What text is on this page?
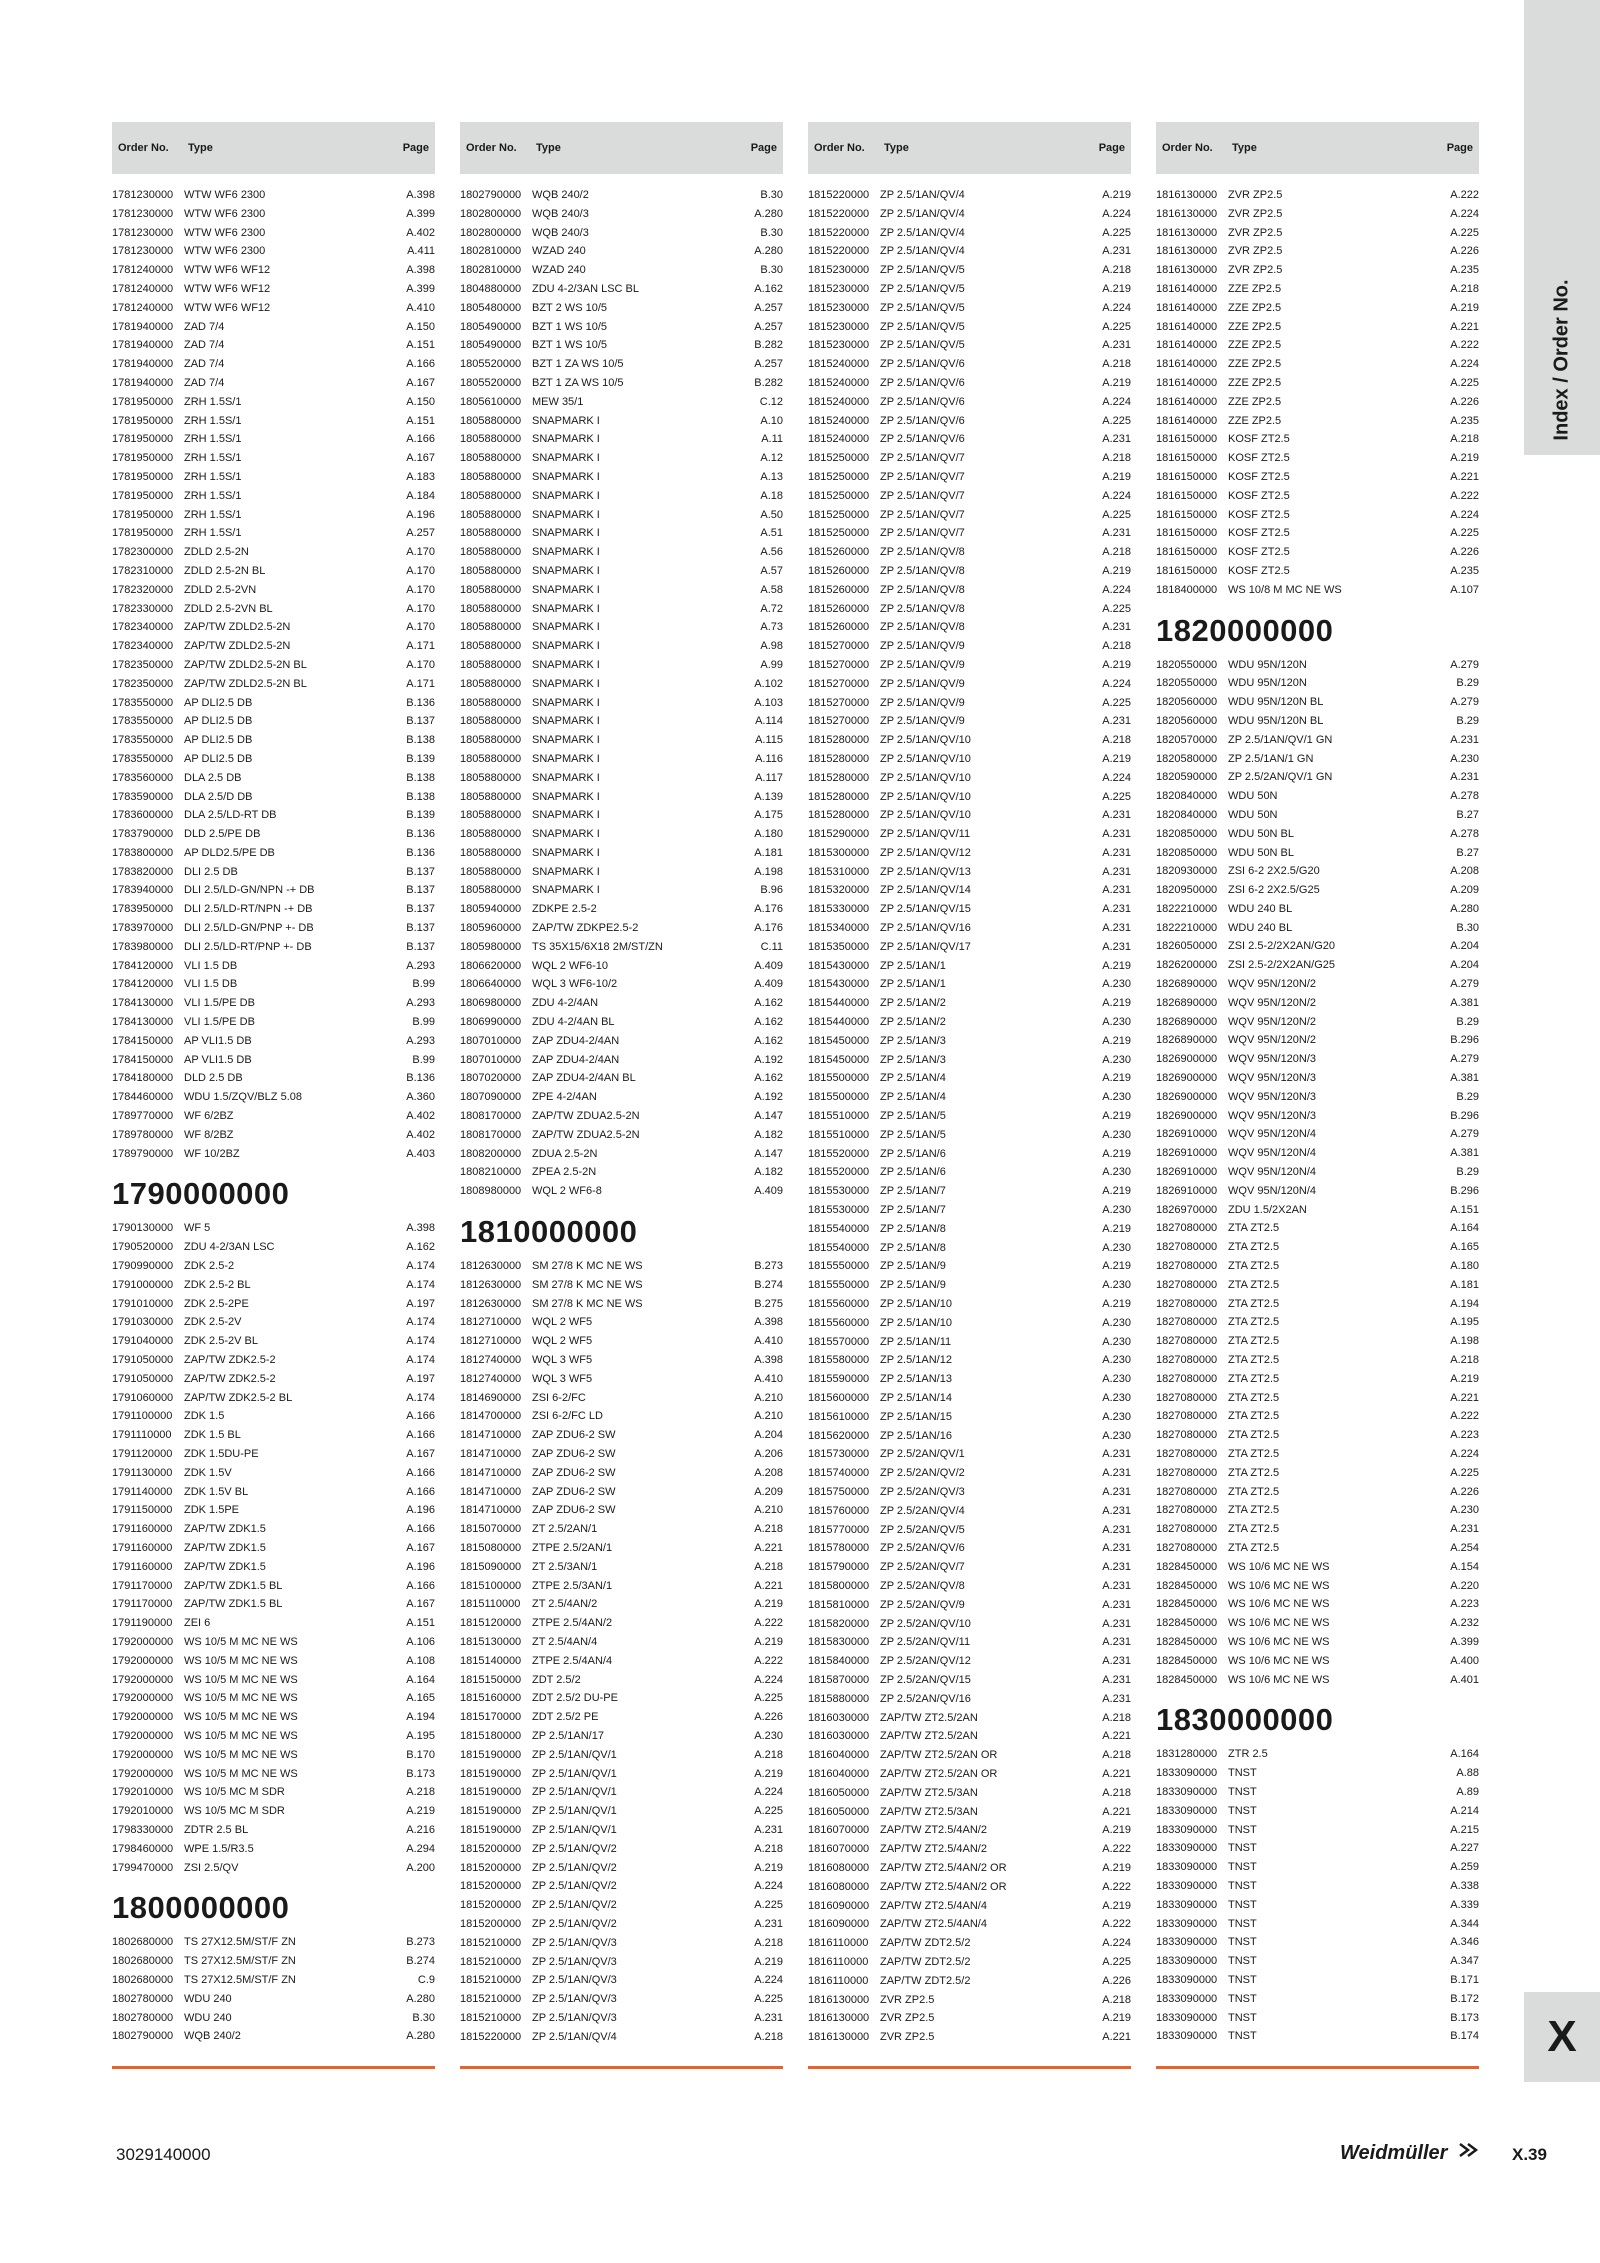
Order No.	Type	Page
1781230000 WTW WF6 2300	A.398
1781230000 WTW WF6 2300	A.399
1781230000 WTW WF6 2300	A.402
1781230000 WTW WF6 2300	A.411
1781240000 WTW WF6 WF12	A.398
1781240000 WTW WF6 WF12	A.399
1781240000 WTW WF6 WF12	A.410
1781940000 ZAD 7/4	A.150
1781940000 ZAD 7/4	A.151
1781940000 ZAD 7/4	A.166
1781940000 ZAD 7/4	A.167
1781950000 ZRH 1.5S/1	A.150
1781950000 ZRH 1.5S/1	A.151
1781950000 ZRH 1.5S/1	A.166
1781950000 ZRH 1.5S/1	A.167
1781950000 ZRH 1.5S/1	A.183
1781950000 ZRH 1.5S/1	A.184
1781950000 ZRH 1.5S/1	A.196
1781950000 ZRH 1.5S/1	A.257
1782300000 ZDLD 2.5-2N	A.170
1782310000 ZDLD 2.5-2N BL	A.170
1782320000 ZDLD 2.5-2VN	A.170
1782330000 ZDLD 2.5-2VN BL	A.170
1782340000 ZAP/TW ZDLD2.5-2N	A.170
1782340000 ZAP/TW ZDLD2.5-2N	A.171
1782350000 ZAP/TW ZDLD2.5-2N BL	A.170
1782350000 ZAP/TW ZDLD2.5-2N BL	A.171
1783550000 AP DLI2.5 DB	B.136
1783550000 AP DLI2.5 DB	B.137
1783550000 AP DLI2.5 DB	B.138
1783550000 AP DLI2.5 DB	B.139
1783560000 DLA 2.5 DB	B.138
1783590000 DLA 2.5/D DB	B.138
1783600000 DLA 2.5/LD-RT DB	B.139
1783790000 DLD 2.5/PE DB	B.136
1783800000 AP DLD2.5/PE DB	B.136
1783820000 DLI 2.5 DB	B.137
1783940000 DLI 2.5/LD-GN/NPN -+ DB	B.137
1783950000 DLI 2.5/LD-RT/NPN -+ DB	B.137
1783970000 DLI 2.5/LD-GN/PNP +- DB	B.137
1783980000 DLI 2.5/LD-RT/PNP +- DB	B.137
1784120000 VLI 1.5 DB	A.293
1784120000 VLI 1.5 DB	B.99
1784130000 VLI 1.5/PE DB	A.293
1784130000 VLI 1.5/PE DB	B.99
1784150000 AP VLI1.5 DB	A.293
1784150000 AP VLI1.5 DB	B.99
1784180000 DLD 2.5 DB	B.136
1784460000 WDU 1.5/ZQV/BLZ 5.08	A.360
1789770000 WF 6/2BZ	A.402
1789780000 WF 8/2BZ	A.402
1789790000 WF 10/2BZ	A.403
1790000000
1790130000 WF 5	A.398
1790520000 ZDU 4-2/3AN LSC	A.162
1790990000 ZDK 2.5-2	A.174
1791000000 ZDK 2.5-2 BL	A.174
1791010000 ZDK 2.5-2PE	A.197
1791030000 ZDK 2.5-2V	A.174
1791040000 ZDK 2.5-2V BL	A.174
1791050000 ZAP/TW ZDK2.5-2	A.174
1791050000 ZAP/TW ZDK2.5-2	A.197
1791060000 ZAP/TW ZDK2.5-2 BL	A.174
1791100000	ZDK 1.5	A.166
1791110000	ZDK 1.5 BL	A.166
1791120000	ZDK 1.5DU-PE	A.167
1791130000	ZDK 1.5V	A.166
1791140000	ZDK 1.5V BL	A.166
1791150000	ZDK 1.5PE	A.196
1791160000	ZAP/TW ZDK1.5	A.166
1791160000	ZAP/TW ZDK1.5	A.167
1791160000	ZAP/TW ZDK1.5	A.196
1791170000	ZAP/TW ZDK1.5 BL	A.166
1791170000	ZAP/TW ZDK1.5 BL	A.167
1791190000	ZEI 6	A.151
1792000000 WS 10/5 M MC NE WS	A.106
1792000000 WS 10/5 M MC NE WS	A.108
1792000000 WS 10/5 M MC NE WS	A.164
1792000000 WS 10/5 M MC NE WS	A.165
1792000000 WS 10/5 M MC NE WS	A.194
1792000000 WS 10/5 M MC NE WS	A.195
1792000000 WS 10/5 M MC NE WS	B.170
1792000000 WS 10/5 M MC NE WS	B.173
1792010000 WS 10/5 MC M SDR	A.218
1792010000 WS 10/5 MC M SDR	A.219
1798330000 ZDTR 2.5 BL	A.216
1798460000 WPE 1.5/R3.5	A.294
1799470000 ZSI 2.5/QV	A.200
1800000000
1802680000 TS 27X12.5M/ST/F ZN	B.273
1802680000 TS 27X12.5M/ST/F ZN	B.274
1802680000 TS 27X12.5M/ST/F ZN	C.9
1802780000 WDU 240	A.280
1802780000 WDU 240	B.30
1802790000 WQB 240/2	A.280
Order No.	Type	Page
1802790000 WQB 240/2	B.30
1802800000 WQB 240/3	A.280
1802800000 WQB 240/3	B.30
1802810000 WZAD 240	A.280
1802810000 WZAD 240	B.30
1804880000 ZDU 4-2/3AN LSC BL	A.162
1805480000 BZT 2 WS 10/5	A.257
1805490000 BZT 1 WS 10/5	A.257
1805490000 BZT 1 WS 10/5	B.282
1805520000 BZT 1 ZA WS 10/5	A.257
1805520000 BZT 1 ZA WS 10/5	B.282
1805610000 MEW 35/1	C.12
1805880000 SNAPMARK I	A.10
1805880000 SNAPMARK I	A.11
1805880000 SNAPMARK I	A.12
1805880000 SNAPMARK I	A.13
1805880000 SNAPMARK I	A.18
1805880000 SNAPMARK I	A.50
1805880000 SNAPMARK I	A.51
1805880000 SNAPMARK I	A.56
1805880000 SNAPMARK I	A.57
1805880000 SNAPMARK I	A.58
1805880000 SNAPMARK I	A.72
1805880000 SNAPMARK I	A.73
1805880000 SNAPMARK I	A.98
1805880000 SNAPMARK I	A.99
1805880000 SNAPMARK I	A.102
1805880000 SNAPMARK I	A.103
1805880000 SNAPMARK I	A.114
1805880000 SNAPMARK I	A.115
1805880000 SNAPMARK I	A.116
1805880000 SNAPMARK I	A.117
1805880000 SNAPMARK I	A.139
1805880000 SNAPMARK I	A.175
1805880000 SNAPMARK I	A.180
1805880000 SNAPMARK I	A.181
1805880000 SNAPMARK I	A.198
1805880000 SNAPMARK I	B.96
1805940000 ZDKPE 2.5-2	A.176
1805960000 ZAP/TW ZDKPE2.5-2	A.176
1805980000 TS 35X15/6X18 2M/ST/ZN	C.11
1806620000 WQL 2 WF6-10	A.409
1806640000 WQL 3 WF6-10/2	A.409
1806980000 ZDU 4-2/4AN	A.162
1806990000 ZDU 4-2/4AN BL	A.162
1807010000 ZAP ZDU4-2/4AN	A.162
1807010000 ZAP ZDU4-2/4AN	A.192
1807020000 ZAP ZDU4-2/4AN BL	A.162
1807090000 ZPE 4-2/4AN	A.192
1808170000 ZAP/TW ZDUA2.5-2N	A.147
1808170000 ZAP/TW ZDUA2.5-2N	A.182
1808200000 ZDUA 2.5-2N	A.147
1808210000 ZPEA 2.5-2N	A.182
1808980000 WQL 2 WF6-8	A.409
1810000000
1812630000 SM 27/8 K MC NE WS	B.273
1812630000 SM 27/8 K MC NE WS	B.274
1812630000 SM 27/8 K MC NE WS	B.275
1812710000 WQL 2 WF5	A.398
1812710000 WQL 2 WF5	A.410
1812740000 WQL 3 WF5	A.398
1812740000 WQL 3 WF5	A.410
1814690000 ZSI 6-2/FC	A.210
1814700000 ZSI 6-2/FC LD	A.210
1814710000 ZAP ZDU6-2 SW	A.204
1814710000 ZAP ZDU6-2 SW	A.206
1814710000 ZAP ZDU6-2 SW	A.208
1814710000 ZAP ZDU6-2 SW	A.209
1814710000 ZAP ZDU6-2 SW	A.210
1815070000 ZT 2.5/2AN/1	A.218
1815080000 ZTPE 2.5/2AN/1	A.221
1815090000 ZT 2.5/3AN/1	A.218
1815100000 ZTPE 2.5/3AN/1	A.221
1815110000	ZT 2.5/4AN/2	A.219
1815120000 ZTPE 2.5/4AN/2	A.222
1815130000 ZT 2.5/4AN/4	A.219
1815140000 ZTPE 2.5/4AN/4	A.222
1815150000 ZDT 2.5/2	A.224
1815160000 ZDT 2.5/2 DU-PE	A.225
1815170000 ZDT 2.5/2 PE	A.226
1815180000 ZP 2.5/1AN/17	A.230
1815190000 ZP 2.5/1AN/QV/1	A.218
1815190000 ZP 2.5/1AN/QV/1	A.219
1815190000 ZP 2.5/1AN/QV/1	A.224
1815190000 ZP 2.5/1AN/QV/1	A.225
1815190000 ZP 2.5/1AN/QV/1	A.231
1815200000 ZP 2.5/1AN/QV/2	A.218
1815200000 ZP 2.5/1AN/QV/2	A.219
1815200000 ZP 2.5/1AN/QV/2	A.224
1815200000 ZP 2.5/1AN/QV/2	A.225
1815200000 ZP 2.5/1AN/QV/2	A.231
1815210000 ZP 2.5/1AN/QV/3	A.218
1815210000 ZP 2.5/1AN/QV/3	A.219
1815210000 ZP 2.5/1AN/QV/3	A.224
1815210000 ZP 2.5/1AN/QV/3	A.225
1815210000 ZP 2.5/1AN/QV/3	A.231
1815220000 ZP 2.5/1AN/QV/4	A.218
Order No.	Type	Page
1815220000 ZP 2.5/1AN/QV/4	A.219
1815220000 ZP 2.5/1AN/QV/4	A.224
1815220000 ZP 2.5/1AN/QV/4	A.225
1815220000 ZP 2.5/1AN/QV/4	A.231
1815230000 ZP 2.5/1AN/QV/5	A.218
1815230000 ZP 2.5/1AN/QV/5	A.219
1815230000 ZP 2.5/1AN/QV/5	A.224
1815230000 ZP 2.5/1AN/QV/5	A.225
1815230000 ZP 2.5/1AN/QV/5	A.231
1815240000 ZP 2.5/1AN/QV/6	A.218
1815240000 ZP 2.5/1AN/QV/6	A.219
1815240000 ZP 2.5/1AN/QV/6	A.224
1815240000 ZP 2.5/1AN/QV/6	A.225
1815240000 ZP 2.5/1AN/QV/6	A.231
1815250000 ZP 2.5/1AN/QV/7	A.218
1815250000 ZP 2.5/1AN/QV/7	A.219
1815250000 ZP 2.5/1AN/QV/7	A.224
1815250000 ZP 2.5/1AN/QV/7	A.225
1815250000 ZP 2.5/1AN/QV/7	A.231
1815260000 ZP 2.5/1AN/QV/8	A.218
1815260000 ZP 2.5/1AN/QV/8	A.219
1815260000 ZP 2.5/1AN/QV/8	A.224
1815260000 ZP 2.5/1AN/QV/8	A.225
1815260000 ZP 2.5/1AN/QV/8	A.231
1815270000 ZP 2.5/1AN/QV/9	A.218
1815270000 ZP 2.5/1AN/QV/9	A.219
1815270000 ZP 2.5/1AN/QV/9	A.224
1815270000 ZP 2.5/1AN/QV/9	A.225
1815270000 ZP 2.5/1AN/QV/9	A.231
1815280000 ZP 2.5/1AN/QV/10	A.218
1815280000 ZP 2.5/1AN/QV/10	A.219
1815280000 ZP 2.5/1AN/QV/10	A.224
1815280000 ZP 2.5/1AN/QV/10	A.225
1815280000 ZP 2.5/1AN/QV/10	A.231
1815290000 ZP 2.5/1AN/QV/11	A.231
1815300000 ZP 2.5/1AN/QV/12	A.231
1815310000 ZP 2.5/1AN/QV/13	A.231
1815320000 ZP 2.5/1AN/QV/14	A.231
1815330000 ZP 2.5/1AN/QV/15	A.231
1815340000 ZP 2.5/1AN/QV/16	A.231
1815350000 ZP 2.5/1AN/QV/17	A.231
1815430000 ZP 2.5/1AN/1	A.219
1815430000 ZP 2.5/1AN/1	A.230
1815440000 ZP 2.5/1AN/2	A.219
1815440000 ZP 2.5/1AN/2	A.230
1815450000 ZP 2.5/1AN/3	A.219
1815450000 ZP 2.5/1AN/3	A.230
1815500000 ZP 2.5/1AN/4	A.219
1815500000 ZP 2.5/1AN/4	A.230
1815510000 ZP 2.5/1AN/5	A.219
1815510000 ZP 2.5/1AN/5	A.230
1815520000 ZP 2.5/1AN/6	A.219
1815520000 ZP 2.5/1AN/6	A.230
1815530000 ZP 2.5/1AN/7	A.219
1815530000 ZP 2.5/1AN/7	A.230
1815540000 ZP 2.5/1AN/8	A.219
1815540000 ZP 2.5/1AN/8	A.230
1815550000 ZP 2.5/1AN/9	A.219
1815550000 ZP 2.5/1AN/9	A.230
1815560000 ZP 2.5/1AN/10	A.219
1815560000 ZP 2.5/1AN/10	A.230
1815570000 ZP 2.5/1AN/11	A.230
1815580000 ZP 2.5/1AN/12	A.230
1815590000 ZP 2.5/1AN/13	A.230
1815600000 ZP 2.5/1AN/14	A.230
1815610000 ZP 2.5/1AN/15	A.230
1815620000 ZP 2.5/1AN/16	A.230
1815730000 ZP 2.5/2AN/QV/1	A.231
1815740000 ZP 2.5/2AN/QV/2	A.231
1815750000 ZP 2.5/2AN/QV/3	A.231
1815760000 ZP 2.5/2AN/QV/4	A.231
1815770000 ZP 2.5/2AN/QV/5	A.231
1815780000 ZP 2.5/2AN/QV/6	A.231
1815790000 ZP 2.5/2AN/QV/7	A.231
1815800000 ZP 2.5/2AN/QV/8	A.231
1815810000 ZP 2.5/2AN/QV/9	A.231
1815820000 ZP 2.5/2AN/QV/10	A.231
1815830000 ZP 2.5/2AN/QV/11	A.231
1815840000 ZP 2.5/2AN/QV/12	A.231
1815870000 ZP 2.5/2AN/QV/15	A.231
1815880000 ZP 2.5/2AN/QV/16	A.231
1816030000 ZAP/TW ZT2.5/2AN	A.218
1816030000 ZAP/TW ZT2.5/2AN	A.221
1816040000 ZAP/TW ZT2.5/2AN OR	A.218
1816040000 ZAP/TW ZT2.5/2AN OR	A.221
1816050000 ZAP/TW ZT2.5/3AN	A.218
1816050000 ZAP/TW ZT2.5/3AN	A.221
1816070000 ZAP/TW ZT2.5/4AN/2	A.219
1816070000 ZAP/TW ZT2.5/4AN/2	A.222
1816080000 ZAP/TW ZT2.5/4AN/2 OR	A.219
1816080000 ZAP/TW ZT2.5/4AN/2 OR	A.222
1816090000 ZAP/TW ZT2.5/4AN/4	A.219
1816090000 ZAP/TW ZT2.5/4AN/4	A.222
1816110000	ZAP/TW ZDT2.5/2	A.224
1816110000	ZAP/TW ZDT2.5/2	A.225
1816110000	ZAP/TW ZDT2.5/2	A.226
1816130000 ZVR ZP2.5	A.218
1816130000 ZVR ZP2.5	A.219
1816130000 ZVR ZP2.5	A.221
Order No.	Type	Page
1816130000 ZVR ZP2.5	A.222
1816130000 ZVR ZP2.5	A.224
1816130000 ZVR ZP2.5	A.225
1816130000 ZVR ZP2.5	A.226
1816130000 ZVR ZP2.5	A.235
1816140000 ZZE ZP2.5	A.218
1816140000 ZZE ZP2.5	A.219
1816140000 ZZE ZP2.5	A.221
1816140000 ZZE ZP2.5	A.222
1816140000 ZZE ZP2.5	A.224
1816140000 ZZE ZP2.5	A.225
1816140000 ZZE ZP2.5	A.226
1816140000 ZZE ZP2.5	A.235
1816150000 KOSF ZT2.5	A.218
1816150000 KOSF ZT2.5	A.219
1816150000 KOSF ZT2.5	A.221
1816150000 KOSF ZT2.5	A.222
1816150000 KOSF ZT2.5	A.224
1816150000 KOSF ZT2.5	A.225
1816150000 KOSF ZT2.5	A.226
1816150000 KOSF ZT2.5	A.235
1818400000 WS 10/8 M MC NE WS	A.107
1820000000
1820550000 WDU 95N/120N	A.279
1820550000 WDU 95N/120N	B.29
1820560000 WDU 95N/120N BL	A.279
1820560000 WDU 95N/120N BL	B.29
1820570000 ZP 2.5/1AN/QV/1 GN	A.231
1820580000 ZP 2.5/1AN/1 GN	A.230
1820590000 ZP 2.5/2AN/QV/1 GN	A.231
1820840000 WDU 50N	A.278
1820840000 WDU 50N	B.27
1820850000 WDU 50N BL	A.278
1820850000 WDU 50N BL	B.27
1820930000 ZSI 6-2 2X2.5/G20	A.208
1820950000 ZSI 6-2 2X2.5/G25	A.209
1822210000 WDU 240 BL	A.280
1822210000 WDU 240 BL	B.30
1826050000 ZSI 2.5-2/2X2AN/G20	A.204
1826200000 ZSI 2.5-2/2X2AN/G25	A.204
1826890000 WQV 95N/120N/2	A.279
1826890000 WQV 95N/120N/2	A.381
1826890000 WQV 95N/120N/2	B.29
1826890000 WQV 95N/120N/2	B.296
1826900000 WQV 95N/120N/3	A.279
1826900000 WQV 95N/120N/3	A.381
1826900000 WQV 95N/120N/3	B.29
1826900000 WQV 95N/120N/3	B.296
1826910000 WQV 95N/120N/4	A.279
1826910000 WQV 95N/120N/4	A.381
1826910000 WQV 95N/120N/4	B.29
1826910000 WQV 95N/120N/4	B.296
1826970000 ZDU 1.5/2X2AN	A.151
1827080000 ZTA ZT2.5	A.164
1827080000 ZTA ZT2.5	A.165
1827080000 ZTA ZT2.5	A.180
1827080000 ZTA ZT2.5	A.181
1827080000 ZTA ZT2.5	A.194
1827080000 ZTA ZT2.5	A.195
1827080000 ZTA ZT2.5	A.198
1827080000 ZTA ZT2.5	A.218
1827080000 ZTA ZT2.5	A.219
1827080000 ZTA ZT2.5	A.221
1827080000 ZTA ZT2.5	A.222
1827080000 ZTA ZT2.5	A.223
1827080000 ZTA ZT2.5	A.224
1827080000 ZTA ZT2.5	A.225
1827080000 ZTA ZT2.5	A.226
1827080000 ZTA ZT2.5	A.230
1827080000 ZTA ZT2.5	A.231
1827080000 ZTA ZT2.5	A.254
1828450000 WS 10/6 MC NE WS	A.154
1828450000 WS 10/6 MC NE WS	A.220
1828450000 WS 10/6 MC NE WS	A.223
1828450000 WS 10/6 MC NE WS	A.232
1828450000 WS 10/6 MC NE WS	A.399
1828450000 WS 10/6 MC NE WS	A.400
1828450000 WS 10/6 MC NE WS	A.401
1830000000
1831280000 ZTR 2.5	A.164
1833090000 TNST	A.88
1833090000 TNST	A.89
1833090000 TNST	A.214
1833090000 TNST	A.215
1833090000 TNST	A.227
1833090000 TNST	A.259
1833090000 TNST	A.338
1833090000 TNST	A.339
1833090000 TNST	A.344
1833090000 TNST	A.346
1833090000 TNST	A.347
1833090000 TNST	B.171
1833090000 TNST	B.172
1833090000 TNST	B.173
1833090000 TNST	B.174
Index / Order No.
X
3029140000	Weidmüller	X.39
